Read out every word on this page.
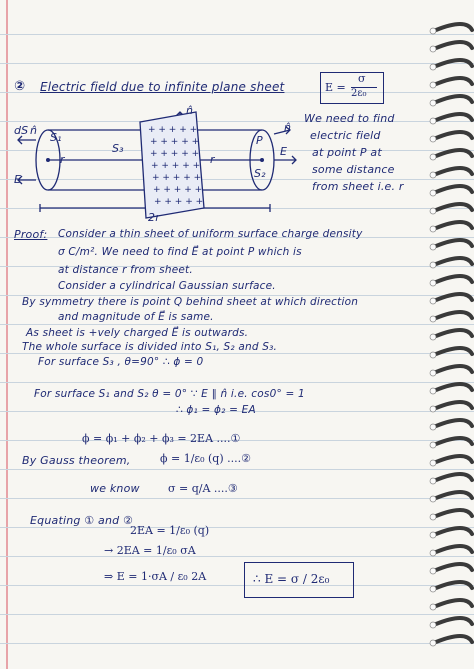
② Electric field due to infinite plane sheet	E =
σ
2ε₀
+ + + + +
+ + + + +
+ + + + +
+ + + + +
+ + + + +
+ + + + +
+ + + + +
dS n̂
S₁
r
E
S₃
n̂
r
P
n̂
E
S₂
2r
We need to find
electric field
at point P at
some distance
from sheet i.e. r
Proof: Consider a thin sheet of uniform surface charge density
σ C/m². We need to find E⃗ at point P which is
at distance r from sheet.
Consider a cylindrical Gaussian surface.
By symmetry there is point Q behind sheet at which direction
and magnitude of E⃗ is same.
As sheet is +vely charged E⃗ is outwards.
The whole surface is divided into S₁, S₂ and S₃.
For surface S₃ , θ=90° ∴ ϕ = 0
For surface S₁ and S₂ θ = 0° ∵ E ∥ n̂ i.e. cos0° = 1
∴ ϕ₁ = ϕ₂ = EA
ϕ = ϕ₁ + ϕ₂ + ϕ₃ = 2EA ....①
By Gauss theorem,	ϕ = 1/ε₀ (q) ....②
we know	σ = q/A ....③
Equating ① and ②
2EA = 1/ε₀ (q)
→ 2EA = 1/ε₀ σA
⇒ E = 1·σA / ε₀ 2A	∴ E = σ / 2ε₀
